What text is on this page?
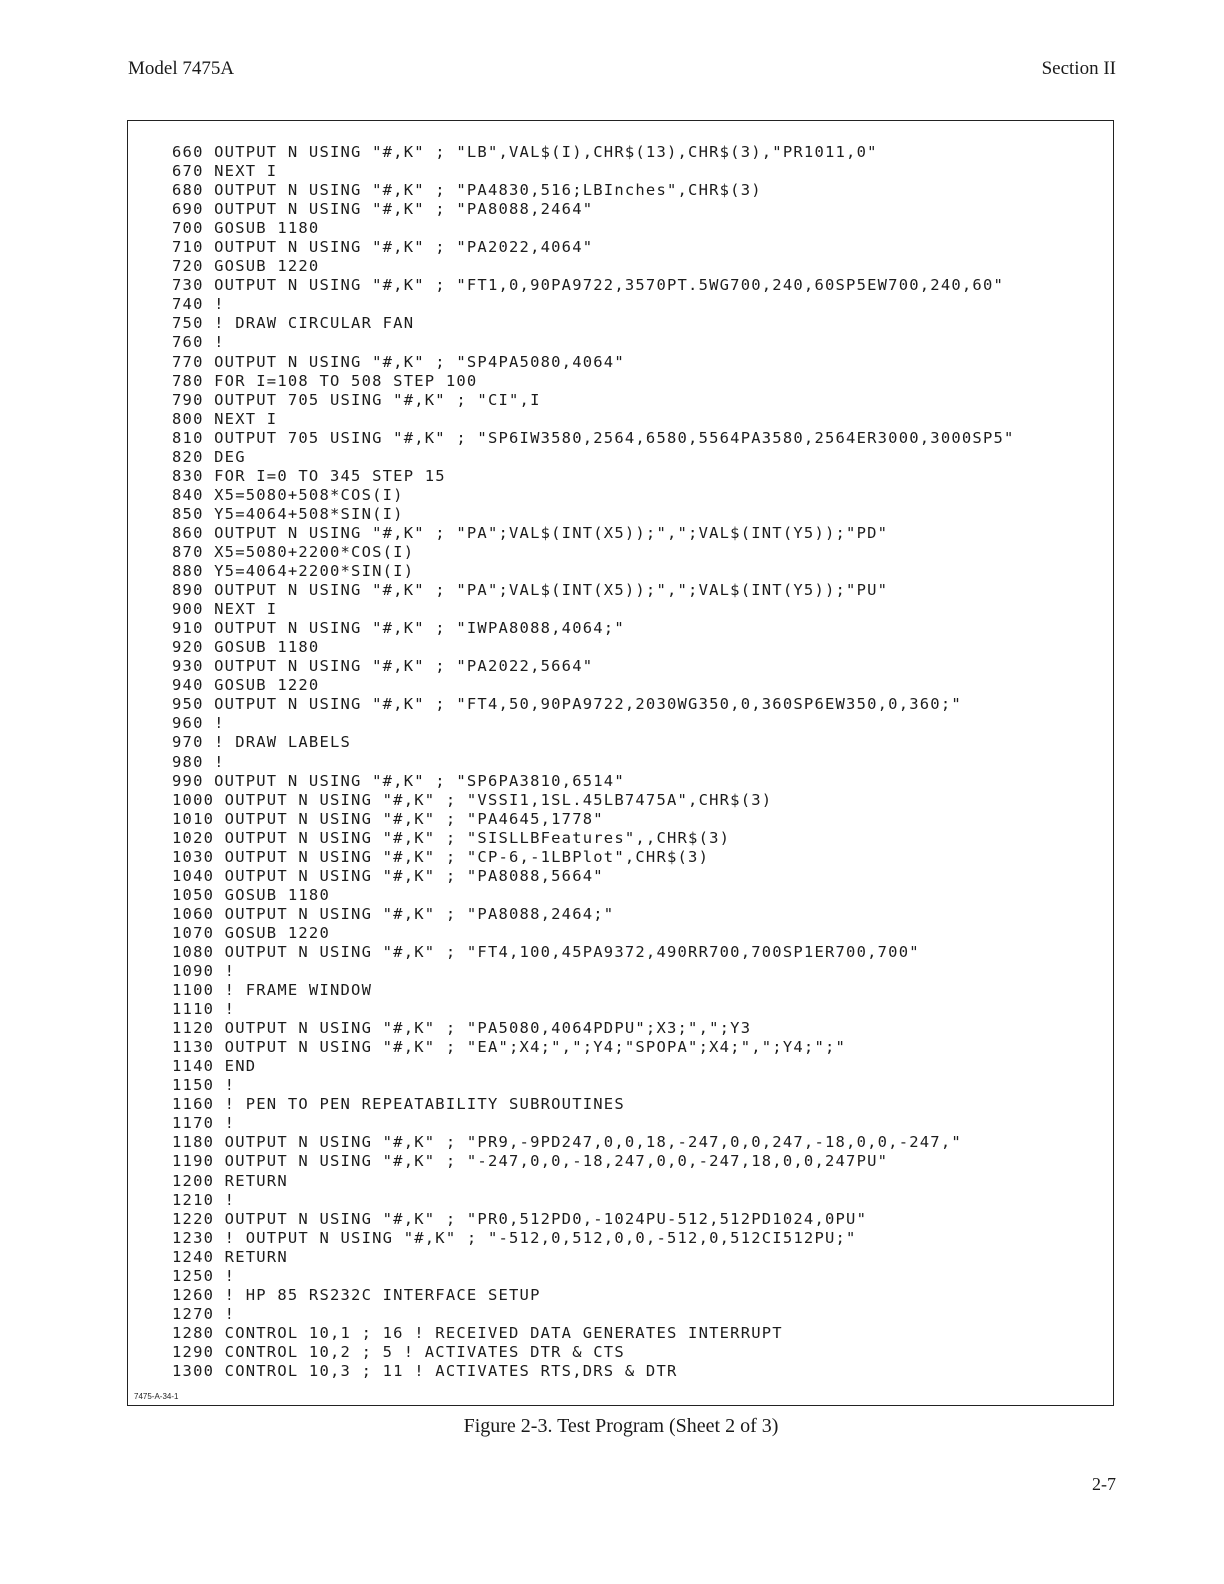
Model 7475A	Section II
660 OUTPUT N USING "#,K" ; "LB",VAL$(I),CHR$(13),CHR$(3),"PR1011,0"
670 NEXT I
680 OUTPUT N USING "#,K" ; "PA4830,516;LBInches",CHR$(3)
690 OUTPUT N USING "#,K" ; "PA8088,2464"
700 GOSUB 1180
710 OUTPUT N USING "#,K" ; "PA2022,4064"
720 GOSUB 1220
730 OUTPUT N USING "#,K" ; "FT1,0,90PA9722,3570PT.5WG700,240,60SP5EW700,240,60"
740 !
750 ! DRAW CIRCULAR FAN
760 !
770 OUTPUT N USING "#,K" ; "SP4PA5080,4064"
780 FOR I=108 TO 508 STEP 100
790 OUTPUT 705 USING "#,K" ; "CI",I
800 NEXT I
810 OUTPUT 705 USING "#,K" ; "SP6IW3580,2564,6580,5564PA3580,2564ER3000,3000SP5"
820 DEG
830 FOR I=0 TO 345 STEP 15
840 X5=5080+508*COS(I)
850 Y5=4064+508*SIN(I)
860 OUTPUT N USING "#,K" ; "PA";VAL$(INT(X5));",";VAL$(INT(Y5));"PD"
870 X5=5080+2200*COS(I)
880 Y5=4064+2200*SIN(I)
890 OUTPUT N USING "#,K" ; "PA";VAL$(INT(X5));",";VAL$(INT(Y5));"PU"
900 NEXT I
910 OUTPUT N USING "#,K" ; "IWPA8088,4064;"
920 GOSUB 1180
930 OUTPUT N USING "#,K" ; "PA2022,5664"
940 GOSUB 1220
950 OUTPUT N USING "#,K" ; "FT4,50,90PA9722,2030WG350,0,360SP6EW350,0,360;"
960 !
970 ! DRAW LABELS
980 !
990 OUTPUT N USING "#,K" ; "SP6PA3810,6514"
1000 OUTPUT N USING "#,K" ; "VSSI1,1SL.45LB7475A",CHR$(3)
1010 OUTPUT N USING "#,K" ; "PA4645,1778"
1020 OUTPUT N USING "#,K" ; "SISLLBFeatures",,CHR$(3)
1030 OUTPUT N USING "#,K" ; "CP-6,-1LBPlot",CHR$(3)
1040 OUTPUT N USING "#,K" ; "PA8088,5664"
1050 GOSUB 1180
1060 OUTPUT N USING "#,K" ; "PA8088,2464;"
1070 GOSUB 1220
1080 OUTPUT N USING "#,K" ; "FT4,100,45PA9372,490RR700,700SP1ER700,700"
1090 !
1100 ! FRAME WINDOW
1110 !
1120 OUTPUT N USING "#,K" ; "PA5080,4064PDPU";X3;",";Y3
1130 OUTPUT N USING "#,K" ; "EA";X4;",";Y4;"SPOPA";X4;",";Y4;";"
1140 END
1150 !
1160 ! PEN TO PEN REPEATABILITY SUBROUTINES
1170 !
1180 OUTPUT N USING "#,K" ; "PR9,-9PD247,0,0,18,-247,0,0,247,-18,0,0,-247,"
1190 OUTPUT N USING "#,K" ; "-247,0,0,-18,247,0,0,-247,18,0,0,247PU"
1200 RETURN
1210 !
1220 OUTPUT N USING "#,K" ; "PR0,512PD0,-1024PU-512,512PD1024,0PU"
1230 ! OUTPUT N USING "#,K" ; "-512,0,512,0,0,-512,0,512CI512PU;"
1240 RETURN
1250 !
1260 ! HP 85 RS232C INTERFACE SETUP
1270 !
1280 CONTROL 10,1 ; 16 ! RECEIVED DATA GENERATES INTERRUPT
1290 CONTROL 10,2 ; 5 ! ACTIVATES DTR & CTS
1300 CONTROL 10,3 ; 11 ! ACTIVATES RTS,DRS & DTR
7475-A-34-1
Figure 2-3. Test Program (Sheet 2 of 3)
2-7
